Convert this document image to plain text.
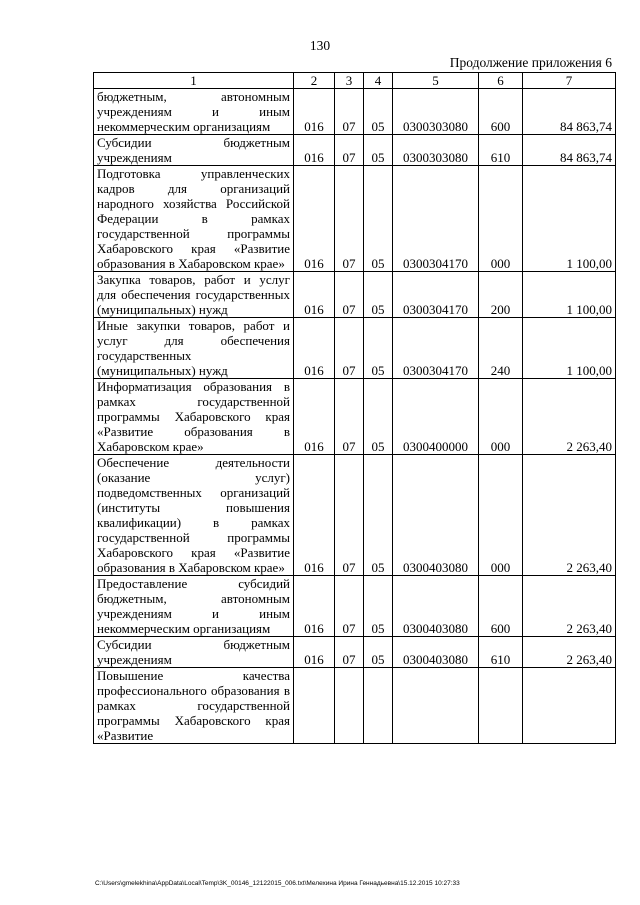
130
Продолжение приложения 6
1	2	3	4	5	6	7
бюджетным, автономным учреждениям и иным некоммерческим организациям	016	07	05	0300303080	600	84 863,74
Субсидии бюджетным учреждениям	016	07	05	0300303080	610	84 863,74
Подготовка управленческих кадров для организаций народного хозяйства Российской Федерации в рамках государственной программы Хабаровского края «Развитие образования в Хабаровском крае»	016	07	05	0300304170	000	1 100,00
Закупка товаров, работ и услуг для обеспечения государственных (муниципальных) нужд	016	07	05	0300304170	200	1 100,00
Иные закупки товаров, работ и услуг для обеспечения государственных (муниципальных) нужд	016	07	05	0300304170	240	1 100,00
Информатизация образования в рамках государственной программы Хабаровского края «Развитие образования в Хабаровском крае»	016	07	05	0300400000	000	2 263,40
Обеспечение деятельности (оказание услуг) подведомственных организаций (институты повышения квалификации) в рамках государственной программы Хабаровского края «Развитие образования в Хабаровском крае»	016	07	05	0300403080	000	2 263,40
Предоставление субсидий бюджетным, автономным учреждениям и иным некоммерческим организациям	016	07	05	0300403080	600	2 263,40
Субсидии бюджетным учреждениям	016	07	05	0300403080	610	2 263,40
Повышение качества профессионального образования в рамках государственной программы Хабаровского края «Развитие						
C:\Users\gmelekhina\AppData\Local\Temp\3K_00146_12122015_006.txt\Мелехина Ирина Геннадьевна\15.12.2015 10:27:33
